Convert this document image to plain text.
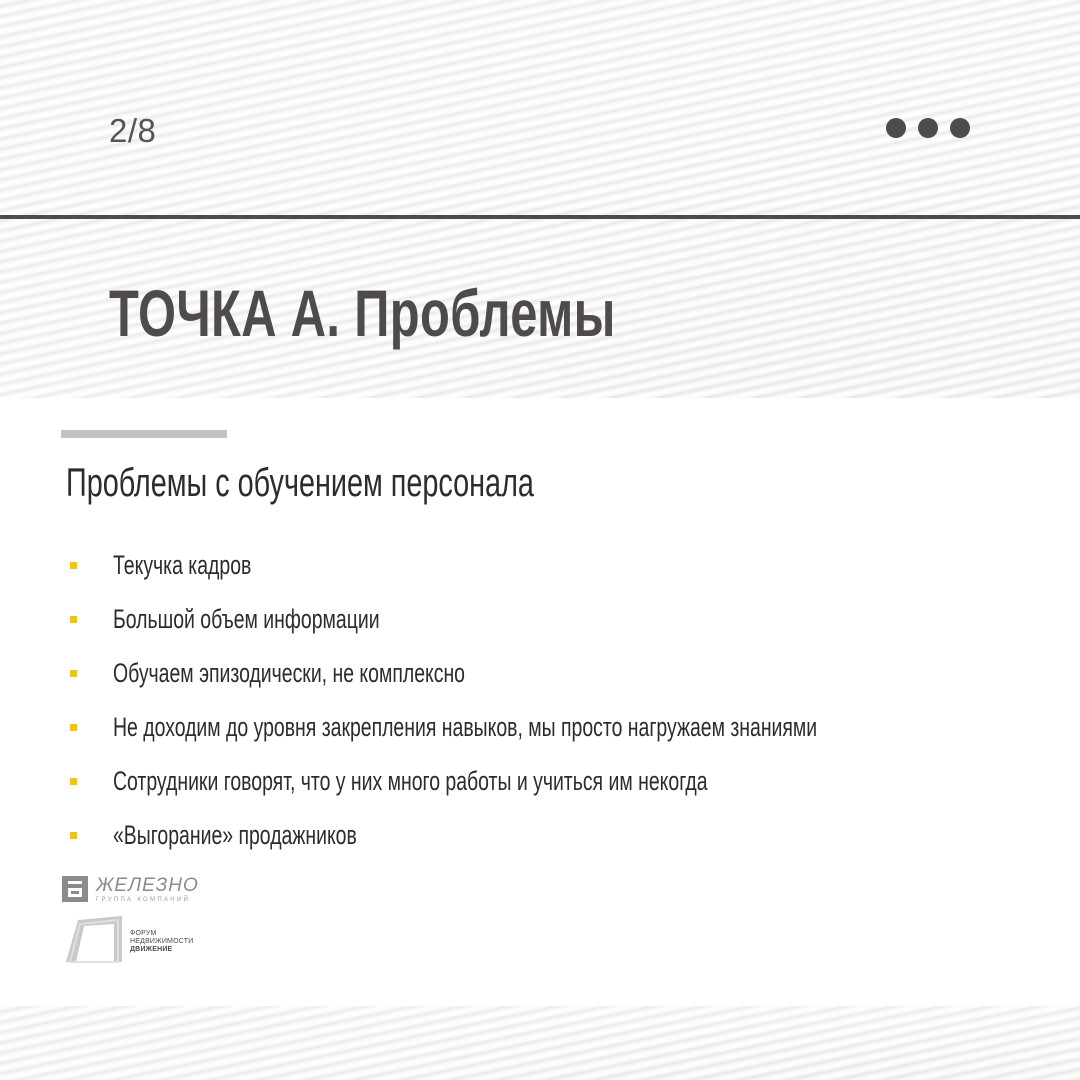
2/8
ТОЧКА А. Проблемы
Проблемы с обучением персонала
Текучка кадров
Большой объем информации
Обучаем эпизодически, не комплексно
Не доходим до уровня закрепления навыков, мы просто нагружаем знаниями
Сотрудники говорят, что у них много работы и учиться им некогда
«Выгорание» продажников
ЖЕЛЕЗНО
ГРУППА КОМПАНИЙ
ФОРУМ
НЕДВИЖИМОСТИ
ДВИЖЕНИЕ
